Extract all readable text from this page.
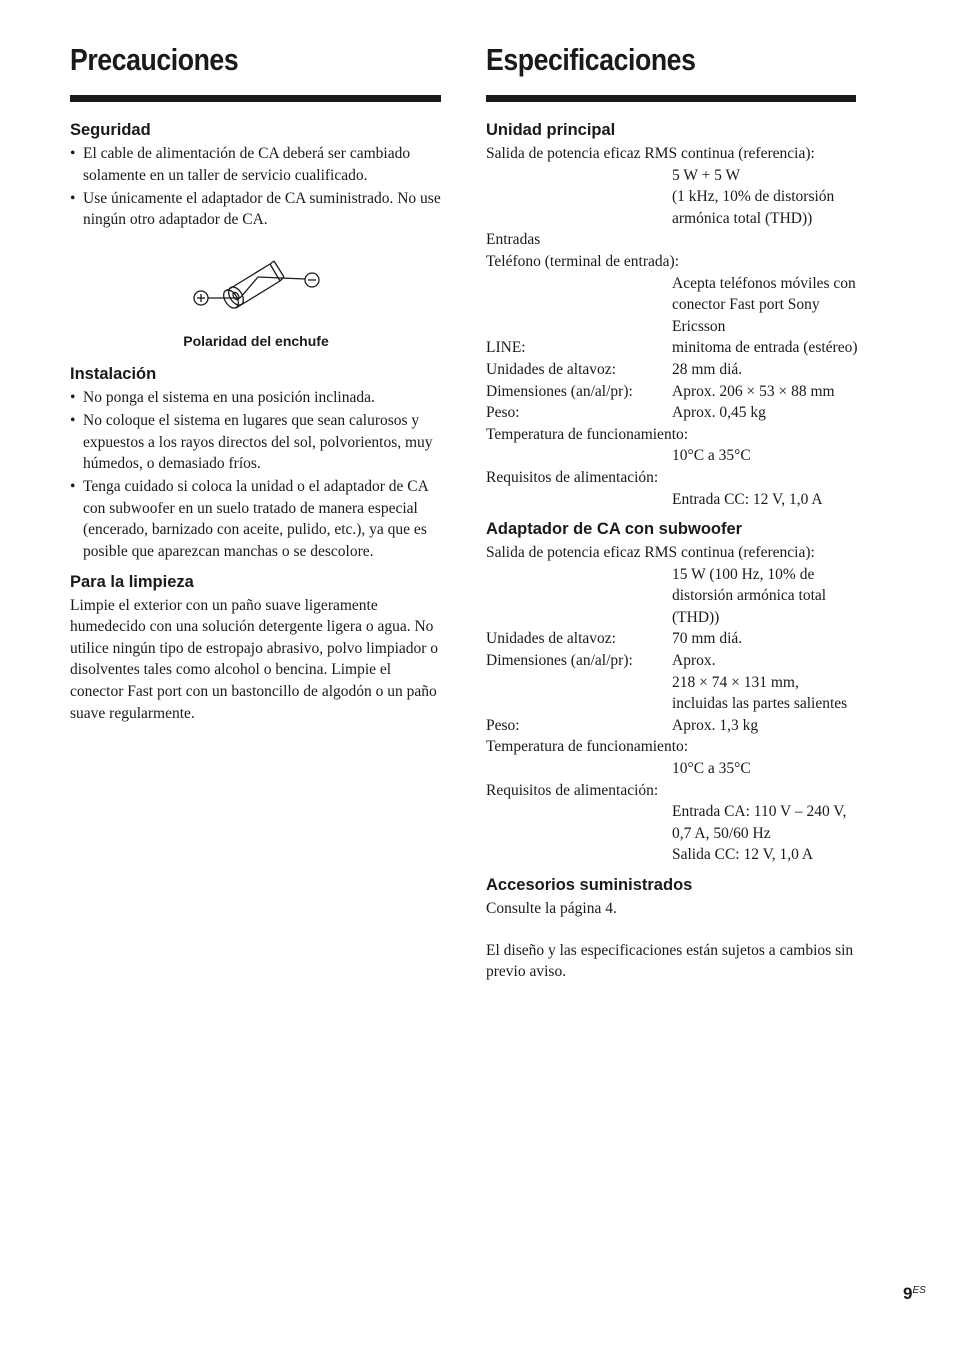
Precauciones	Especificaciones
Seguridad
• El cable de alimentación de CA deberá ser cambiado solamente en un taller de servicio cualificado.
• Use únicamente el adaptador de CA suministrado. No use ningún otro adaptador de CA.
Polaridad del enchufe
Instalación
• No ponga el sistema en una posición inclinada.
• No coloque el sistema en lugares que sean calurosos y expuestos a los rayos directos del sol, polvorientos, muy húmedos, o demasiado fríos.
• Tenga cuidado si coloca la unidad o el adaptador de CA con subwoofer en un suelo tratado de manera especial (encerado, barnizado con aceite, pulido, etc.), ya que es posible que aparezcan manchas o se descolore.
Para la limpieza
Limpie el exterior con un paño suave ligeramente humedecido con una solución detergente ligera o agua. No utilice ningún tipo de estropajo abrasivo, polvo limpiador o disolventes tales como alcohol o bencina. Limpie el conector Fast port con un bastoncillo de algodón o un paño suave regularmente.
Unidad principal
Salida de potencia eficaz RMS continua (referencia):
5 W + 5 W
(1 kHz, 10% de distorsión armónica total (THD))
Entradas
Teléfono (terminal de entrada):
Acepta teléfonos móviles con conector Fast port Sony Ericsson
LINE:	minitoma de entrada (estéreo)
Unidades de altavoz:	28 mm diá.
Dimensiones (an/al/pr):	Aprox. 206 × 53 × 88 mm
Peso:	Aprox. 0,45 kg
Temperatura de funcionamiento:
10°C a 35°C
Requisitos de alimentación:
Entrada CC: 12 V, 1,0 A
Adaptador de CA con subwoofer
Salida de potencia eficaz RMS continua (referencia):
15 W (100 Hz, 10% de distorsión armónica total (THD))
Unidades de altavoz:	70 mm diá.
Dimensiones (an/al/pr):	Aprox.
218 × 74 × 131 mm, incluidas las partes salientes
Peso:	Aprox. 1,3 kg
Temperatura de funcionamiento:
10°C a 35°C
Requisitos de alimentación:
Entrada CA: 110 V – 240 V, 0,7 A, 50/60 Hz
Salida CC: 12 V, 1,0 A
Accesorios suministrados
Consulte la página 4.
El diseño y las especificaciones están sujetos a cambios sin previo aviso.
$9^{ES}$
